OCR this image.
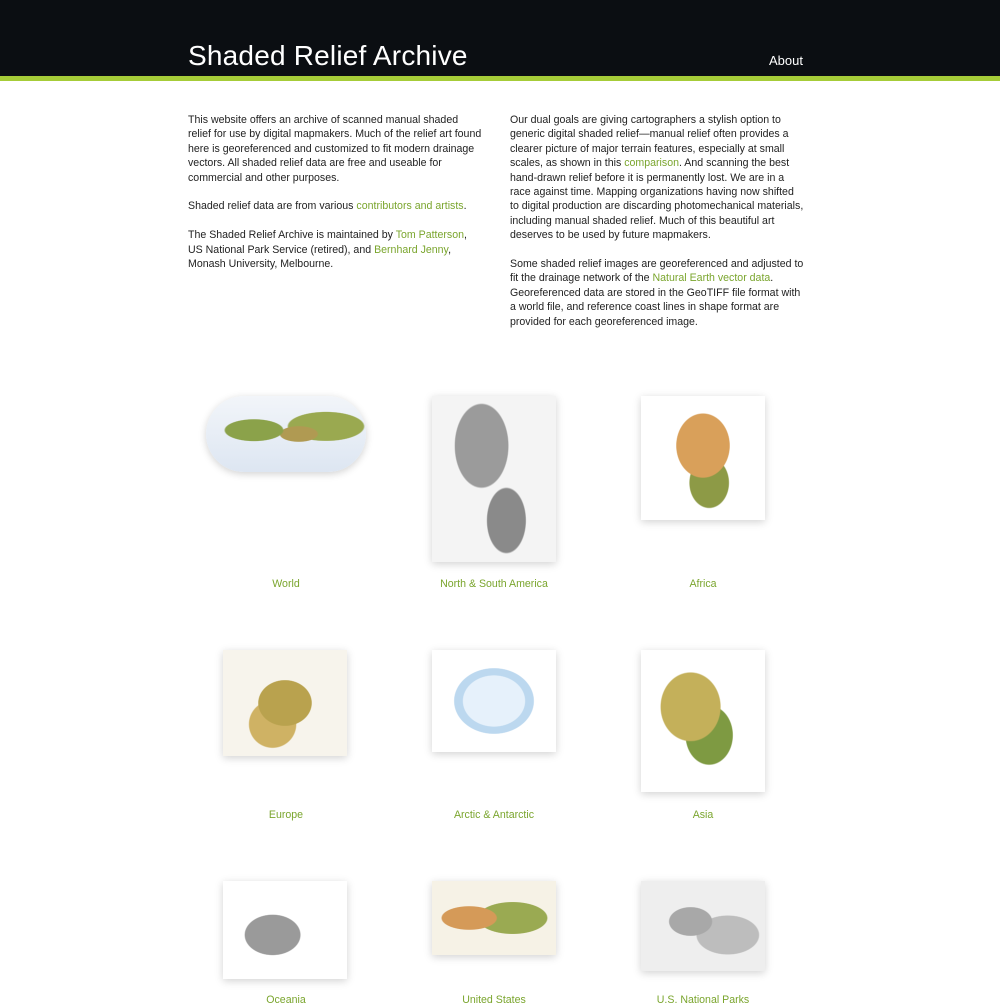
Shaded Relief Archive	About

This website offers an archive of scanned manual shaded relief for use by digital mapmakers. Much of the relief art found here is georeferenced and customized to fit modern drainage vectors. All shaded relief data are free and useable for commercial and other purposes.

Shaded relief data are from various contributors and artists.

The Shaded Relief Archive is maintained by Tom Patterson, US National Park Service (retired), and Bernhard Jenny, Monash University, Melbourne.

Our dual goals are giving cartographers a stylish option to generic digital shaded relief—manual relief often provides a clearer picture of major terrain features, especially at small scales, as shown in this comparison. And scanning the best hand-drawn relief before it is permanently lost. We are in a race against time. Mapping organizations having now shifted to digital production are discarding photomechanical materials, including manual shaded relief. Much of this beautiful art deserves to be used by future mapmakers.

Some shaded relief images are georeferenced and adjusted to fit the drainage network of the Natural Earth vector data. Georeferenced data are stored in the GeoTIFF file format with a world file, and reference coast lines in shape format are provided for each georeferenced image.

World	North & South America	Africa
Europe	Arctic & Antarctic	Asia
Oceania	United States	U.S. National Parks
